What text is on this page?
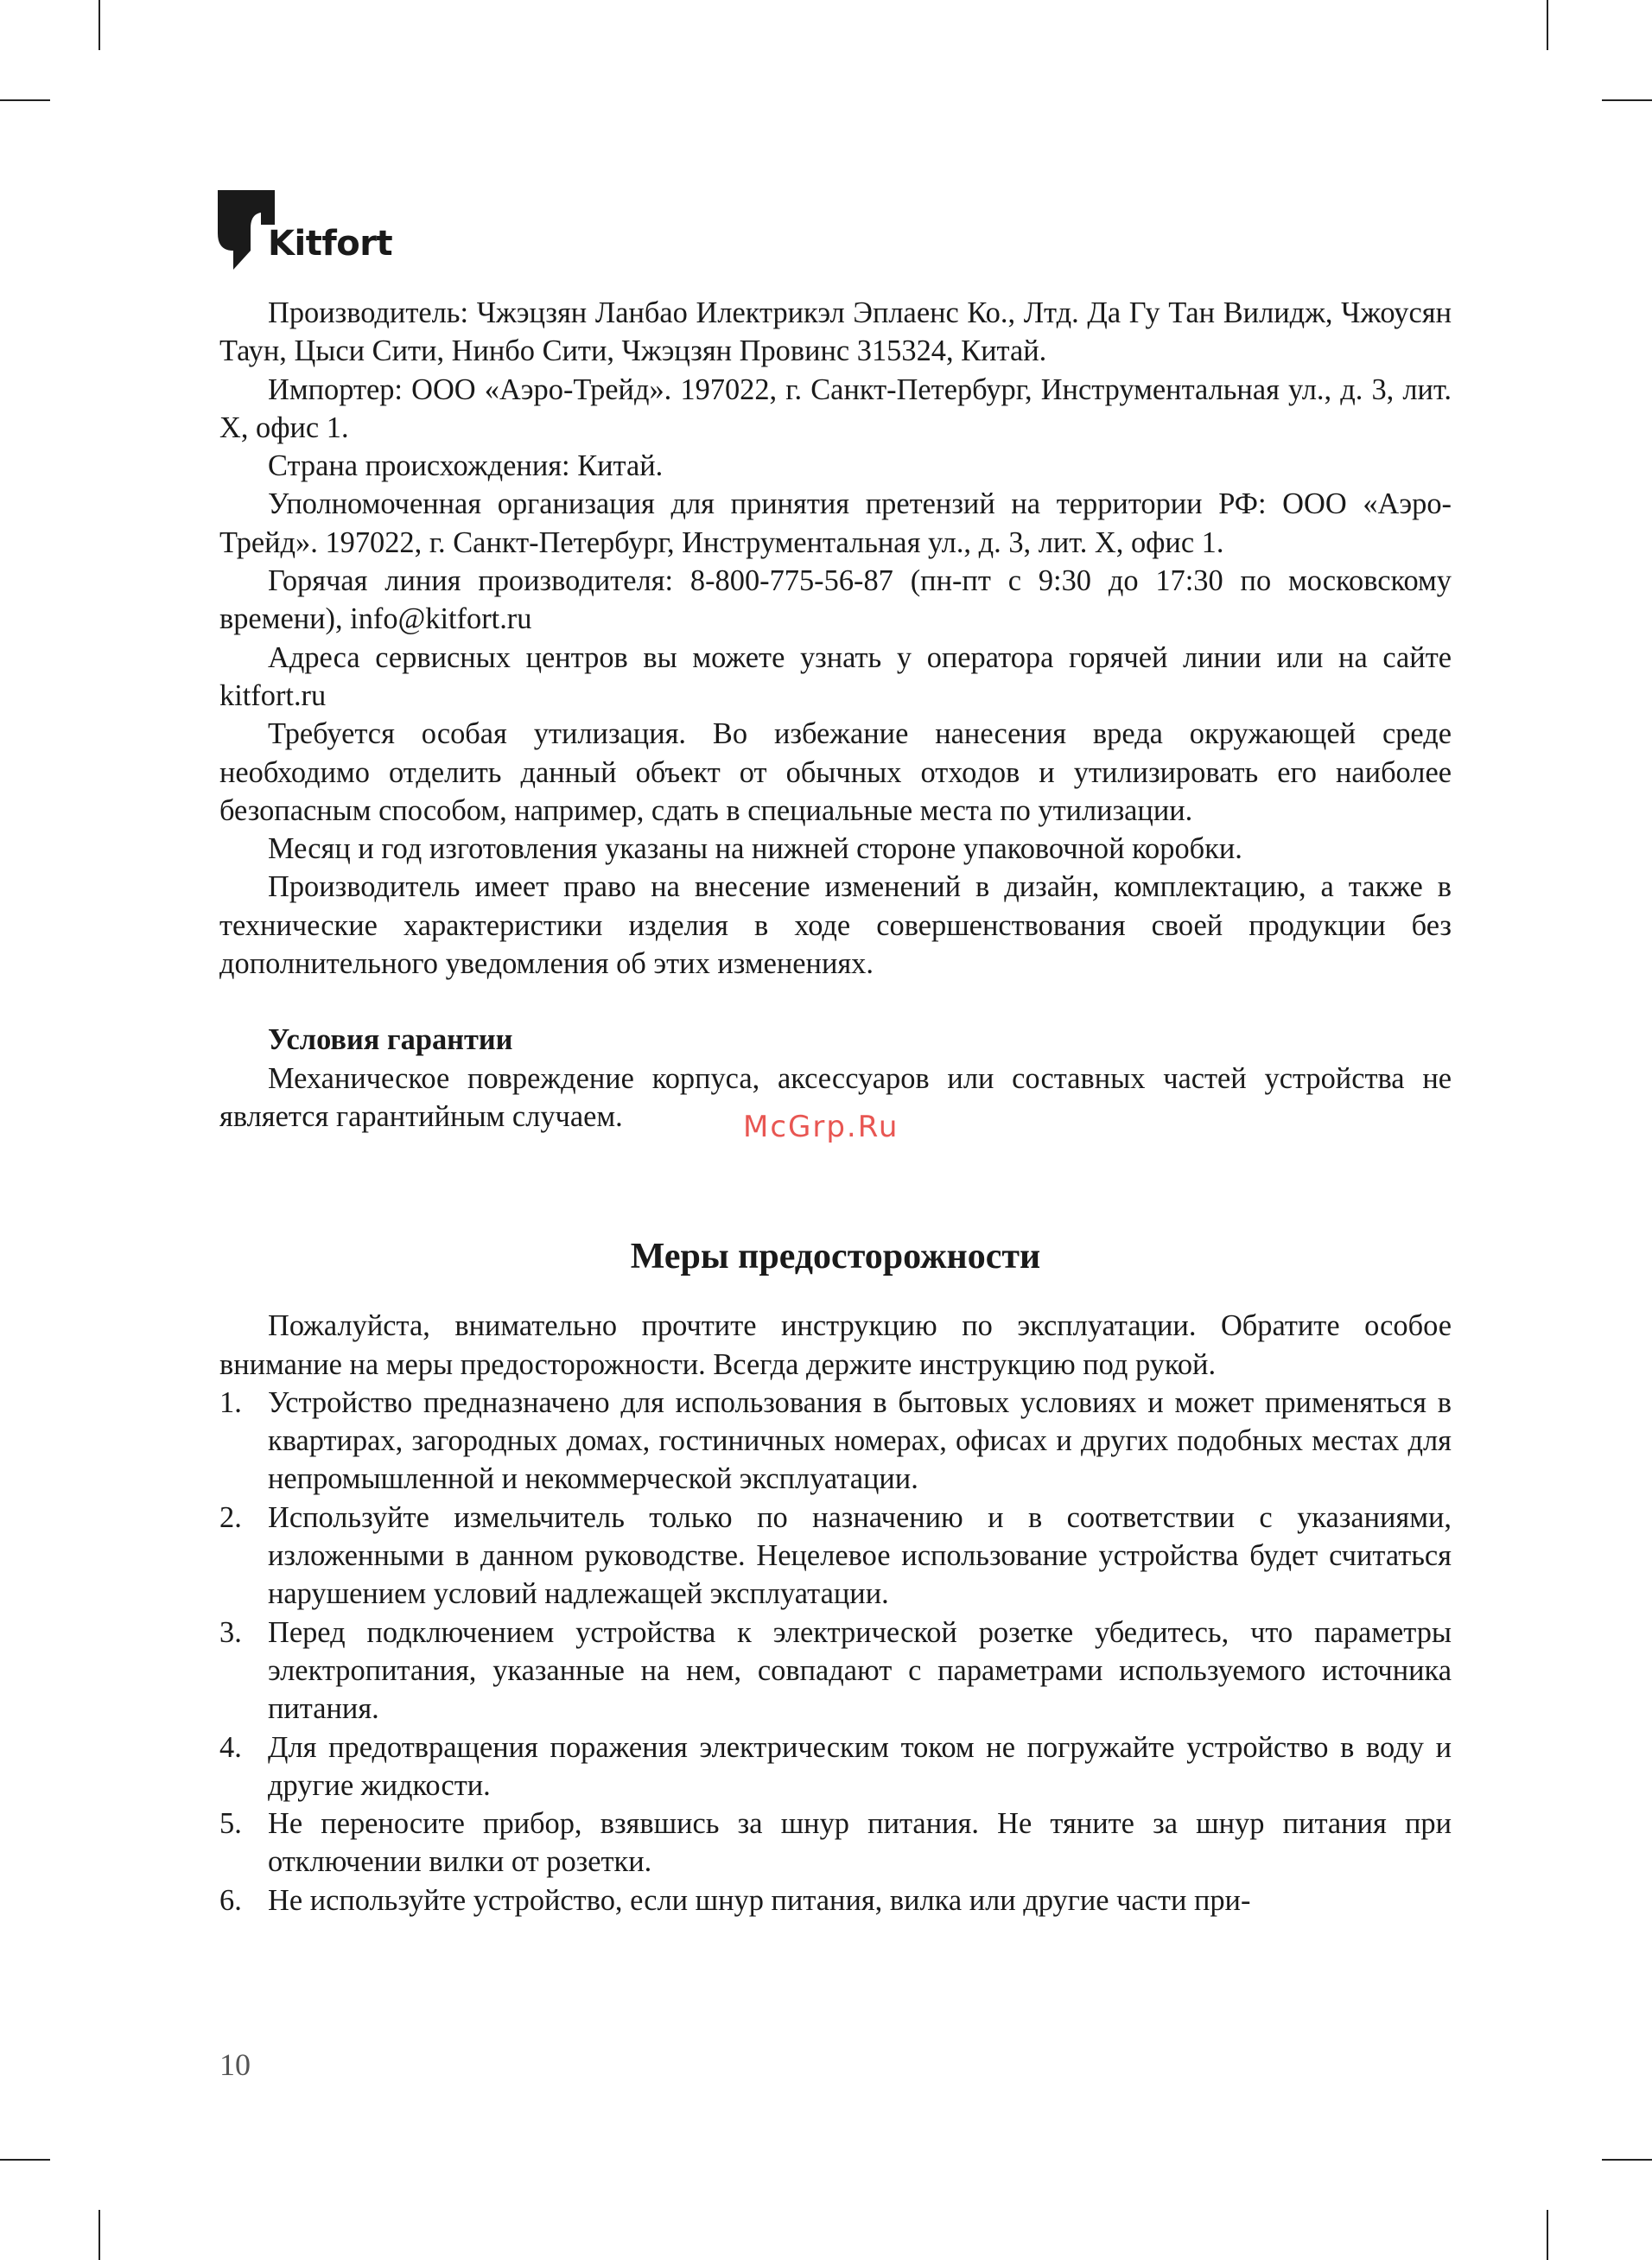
Kitfort

Производитель: Чжэцзян Ланбао Илектрикэл Эплаенс Ко., Лтд. Да Гу Тан Вилидж, Чжоусян Таун, Цыси Сити, Нинбо Сити, Чжэцзян Провинс 315324, Китай.

Импортер: ООО «Аэро-Трейд». 197022, г. Санкт-Петербург, Инструментальная ул., д. 3, лит. Х, офис 1.

Страна происхождения: Китай.

Уполномоченная организация для принятия претензий на территории РФ: ООО «Аэро-Трейд». 197022, г. Санкт-Петербург, Инструментальная ул., д. 3, лит. Х, офис 1.

Горячая линия производителя: 8-800-775-56-87 (пн-пт с 9:30 до 17:30 по московскому времени), info@kitfort.ru

Адреса сервисных центров вы можете узнать у оператора горячей линии или на сайте kitfort.ru

Требуется особая утилизация. Во избежание нанесения вреда окружающей среде необходимо отделить данный объект от обычных отходов и утилизировать его наиболее безопасным способом, например, сдать в специальные места по утилизации.

Месяц и год изготовления указаны на нижней стороне упаковочной коробки.

Производитель имеет право на внесение изменений в дизайн, комплектацию, а также в технические характеристики изделия в ходе совершенствования своей продукции без дополнительного уведомления об этих изменениях.

Условия гарантии

Механическое повреждение корпуса, аксессуаров или составных частей устройства не является гарантийным случаем.

Меры предосторожности

Пожалуйста, внимательно прочтите инструкцию по эксплуатации. Обратите особое внимание на меры предосторожности. Всегда держите инструкцию под рукой.

1. Устройство предназначено для использования в бытовых условиях и может применяться в квартирах, загородных домах, гостиничных номерах, офисах и других подобных местах для непромышленной и некоммерческой эксплуатации.
2. Используйте измельчитель только по назначению и в соответствии с указаниями, изложенными в данном руководстве. Нецелевое использование устройства будет считаться нарушением условий надлежащей эксплуатации.
3. Перед подключением устройства к электрической розетке убедитесь, что параметры электропитания, указанные на нем, совпадают с параметрами используемого источника питания.
4. Для предотвращения поражения электрическим током не погружайте устройство в воду и другие жидкости.
5. Не переносите прибор, взявшись за шнур питания. Не тяните за шнур питания при отключении вилки от розетки.
6. Не используйте устройство, если шнур питания, вилка или другие части при-
McGrp.Ru
10
